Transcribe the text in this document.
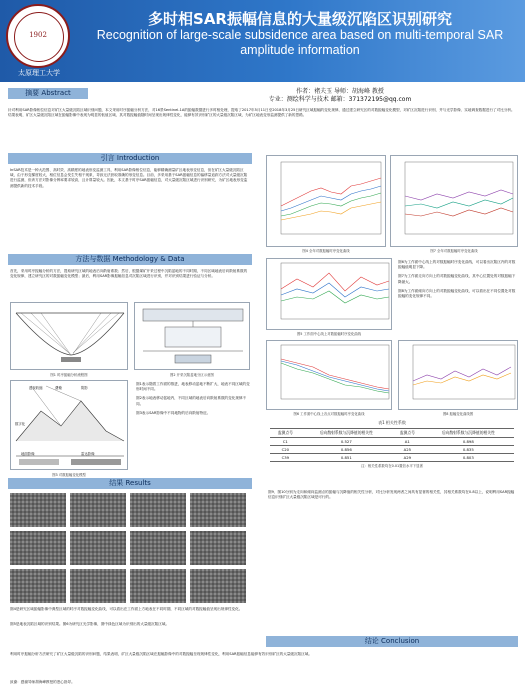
1902
太原理工大学
多时相SAR振幅信息的大量级沉陷区识别研究
Recognition of large-scale subsidence area based on multi-temporal SAR amplitude information
摘要 Abstract	作者：褚夫玉 导师：胡海峰 教授
专业：测绘科学与技术 邮箱：371372195@qq.com
针对利用SAR影像相位信息对矿区大量级沉陷区域识别问题，本文采用时序振幅分析方法，对16景Sentinel-1A的振幅数据进行多时相处理，提取了2017年5月11日至2018年3月25日研究区域振幅的变化规律，通过建立研究区的对数振幅变化模型，对矿区沉陷进行识别，并与光学影像、实地调查数据进行了对比分析。结果表明，矿区大量级沉陷区域在振幅影像中表现为明显的低值区域，其对数振幅值随时间呈现出规律性变化，能够有效识别矿区的大量级沉陷区域，为矿区地表变形监测提供了新的思路。
引言 Introduction
InSAR技术是一种大范围、高时效、高精度的地表形变监测工具，利用SAR影像相位信息，能够精确测量矿区地表形变信息，但在矿区大量级沉陷区域，由于形变梯度较大，相位信息会发生失相干现象，导致无法获取准确的形变信息。目前，多采用基于SAR振幅信息的偏移量追踪方法对大量级沉陷进行监测，但该方法对影像分辨率要求较高，且计算量较大。因此，本文基于时序SAR振幅信息，对大量级沉陷区域进行识别研究，为矿区地表形变监测提供新的技术手段。
方法与数据 Methodology & Data
首先，采用时序振幅分析的方法，提取研究区域的地表后向散射系数；然后，根据煤矿开采过程中沉陷盆地的不同时期，不同区域地表后向散射系数的变化规律，建立研究区的对数振幅变化模型；最后，利用SAR影像振幅信息对沉陷区域进行识别，并对识别结果进行验证与分析。
图1 时序振幅分析流程图	图2 开采沉陷盆地分区示意图
透视收缩	叠掩	阴影
数字化
地面影像	雷达影像
图3 对数振幅变化模型
图1表示随着工作面的推进，地表移动盆地不断扩大，地表不同区域的变形时间不同。
图2表示地表移动盆地内，不同区域的地表后向散射系数的变化规律不同。
图3表示SAR影像中不同地物的后向散射特征。
结果 Results
图4是研究区域振幅影像中典型区域的时序对数振幅变化曲线，可以看出在工作面上方地表在不同时期，不同区域的对数振幅值呈现出规律性变化。
图5是地表沉陷区域的识别结果。图6为研究区光学影像，图中绿色区域为识别出的大量级沉陷区域。
图4 全年对数振幅时序变化曲线	图7 全年对数振幅时序变化曲线
图5 工作面中心线上对数振幅时序变化曲线
图6为工作面中心线上的对数振幅时序变化曲线，可以看出沉陷区内的对数振幅值明显下降。
图7为工作面走向方向上的对数振幅变化曲线，其中心位置处的对数振幅下降最大。
图8为工作面倾向方向上的对数振幅变化曲线，可以看出在不同位置处对数振幅的变化规律不同。
图6 工作面中心线上各点对数振幅时序变化曲线	图8 振幅变化曲线图
表1 相关性系数
监测点号	后向散射系数与沉降值的相关性	监测点号	后向散射系数与沉降值的相关性
C1	0.527	A1	0.898
C20	0.856	A25	0.835
C39	0.851	A29	0.803
注：相关性系数均在0.01置信水平下显著
图9、图10分别为走向和倾向监测点的振幅与沉降值的相关性分析，对比分析发现两者之间具有显著的相关性，其相关系数均在0.8以上，说明利用SAR振幅信息识别矿区大量级沉陷区域是可行的。
结论 Conclusion
利用时序振幅分析方法研究了矿区大量级沉陷的识别问题，结果表明，矿区大量级沉陷区域在振幅影像中的对数振幅呈现规律性变化，利用SAR振幅信息能够有效识别矿区的大量级沉陷区域。
致谢：感谢导师胡海峰教授的悉心指导。
